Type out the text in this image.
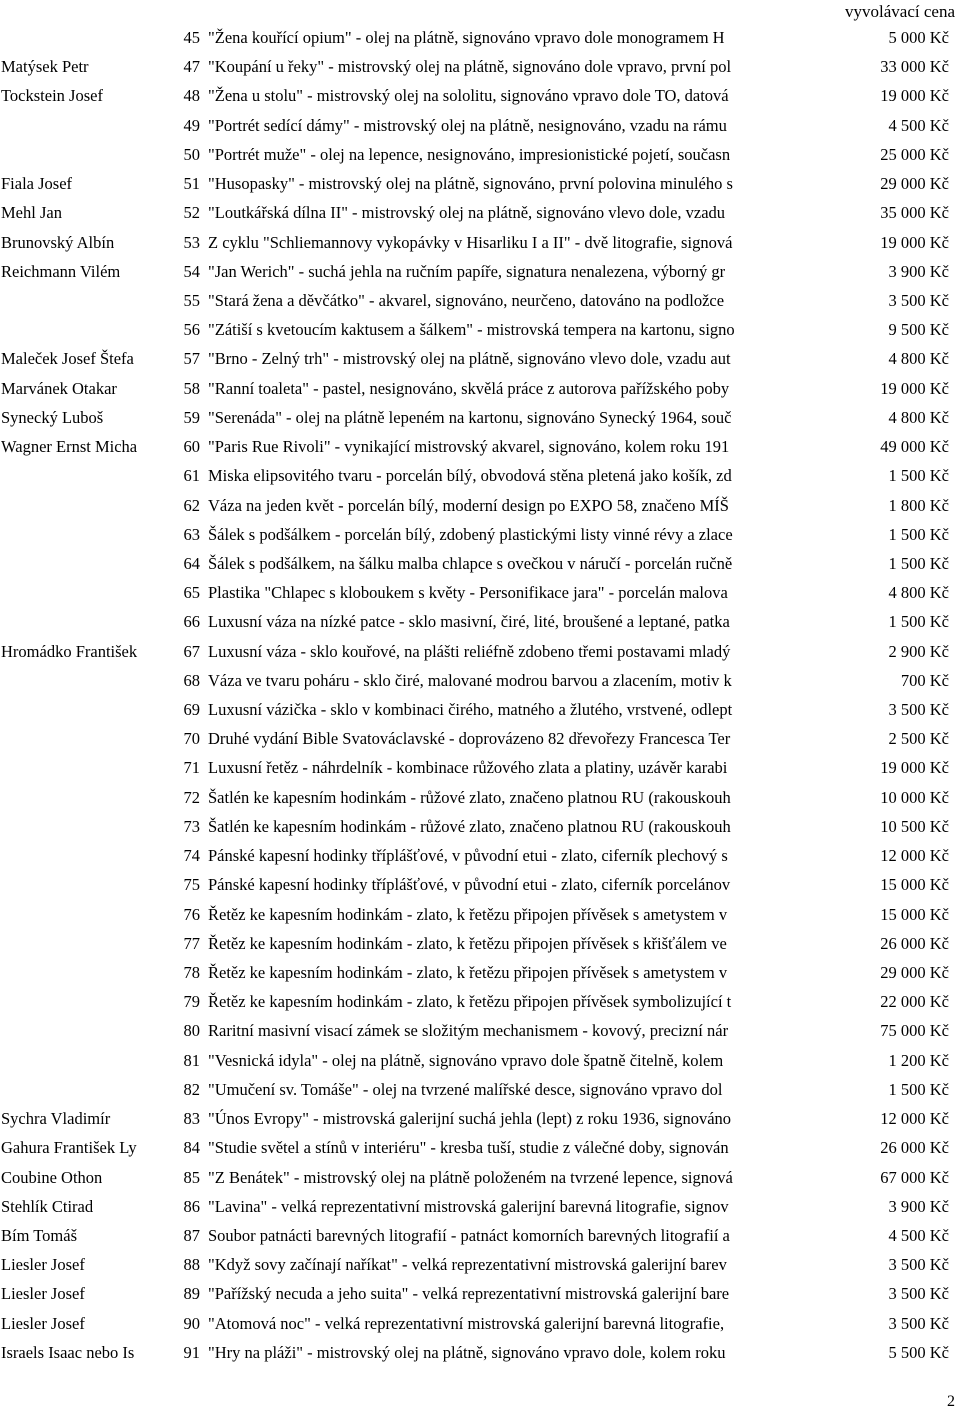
vyvolávací cena
45 "Žena kouřící opium" - olej na plátně, signováno vpravo dole monogramem H	5 000 Kč
Matýsek Petr	47 "Koupání u řeky" - mistrovský olej na plátně, signováno dole vpravo, první pol	33 000 Kč
Tockstein Josef	48 "Žena u stolu" - mistrovský olej na sololitu, signováno vpravo dole TO, datová	19 000 Kč
49 "Portrét sedící dámy" - mistrovský olej na plátně, nesignováno, vzadu na rámu	4 500 Kč
50 "Portrét muže" - olej na lepence, nesignováno, impresionistické pojetí, současn	25 000 Kč
Fiala Josef	51 "Husopasky" - mistrovský olej na plátně, signováno, první polovina minulého s	29 000 Kč
Mehl Jan	52 "Loutkářská dílna II" - mistrovský olej na plátně, signováno vlevo dole, vzadu	35 000 Kč
Brunovský Albín	53 Z cyklu "Schliemannovy vykopávky v Hisarliku I a II" - dvě litografie, signová	19 000 Kč
Reichmann Vilém	54 "Jan Werich" - suchá jehla na ručním papíře, signatura nenalezena, výborný gr	3 900 Kč
55 "Stará žena a děvčátko" - akvarel, signováno, neurčeno, datováno na podložce	3 500 Kč
56 "Zátiší s kvetoucím kaktusem a šálkem" - mistrovská tempera na kartonu, signo	9 500 Kč
Maleček Josef Štefa	57 "Brno - Zelný trh" - mistrovský olej na plátně, signováno vlevo dole, vzadu aut	4 800 Kč
Marvánek Otakar	58 "Ranní toaleta" - pastel, nesignováno, skvělá práce z autorova pařížského poby	19 000 Kč
Synecký Luboš	59 "Serenáda" - olej na plátně lepeném na kartonu, signováno Synecký 1964, souč	4 800 Kč
Wagner Ernst Micha	60 "Paris Rue Rivoli" - vynikající mistrovský akvarel, signováno, kolem roku 191	49 000 Kč
61 Miska elipsovitého tvaru - porcelán bílý, obvodová stěna pletená jako košík, zd	1 500 Kč
62 Váza na jeden květ - porcelán bílý, moderní design po EXPO 58, značeno MÍŠ	1 800 Kč
63 Šálek s podšálkem - porcelán bílý, zdobený plastickými listy vinné révy a zlace	1 500 Kč
64 Šálek s podšálkem, na šálku malba chlapce s ovečkou v náručí - porcelán ručně	1 500 Kč
65 Plastika "Chlapec s kloboukem s květy - Personifikace jara" - porcelán malova	4 800 Kč
66 Luxusní váza na nízké patce - sklo masivní, čiré, lité, broušené a leptané, patka	1 500 Kč
Hromádko František	67 Luxusní váza - sklo kouřové, na plášti reliéfně zdobeno třemi postavami mladý	2 900 Kč
68 Váza ve tvaru poháru - sklo čiré, malované modrou barvou a zlacením, motiv k	700 Kč
69 Luxusní vázička - sklo v kombinaci čirého, matného a žlutého, vrstvené, odlept	3 500 Kč
70 Druhé vydání Bible Svatováclavské - doprovázeno 82 dřevořezy Francesca Ter	2 500 Kč
71 Luxusní řetěz - náhrdelník - kombinace růžového zlata a platiny, uzávěr karabi	19 000 Kč
72 Šatlén ke kapesním hodinkám - růžové zlato, značeno platnou RU (rakouskouh	10 000 Kč
73 Šatlén ke kapesním hodinkám - růžové zlato, značeno platnou RU (rakouskouh	10 500 Kč
74 Pánské kapesní hodinky tříplášťové, v původní etui - zlato, ciferník plechový s	12 000 Kč
75 Pánské kapesní hodinky tříplášťové, v původní etui - zlato, ciferník porcelánov	15 000 Kč
76 Řetěz ke kapesním hodinkám - zlato, k řetězu připojen přívěsek s ametystem v	15 000 Kč
77 Řetěz ke kapesním hodinkám - zlato, k řetězu připojen přívěsek s křišťálem ve	26 000 Kč
78 Řetěz ke kapesním hodinkám - zlato, k řetězu připojen přívěsek s ametystem v	29 000 Kč
79 Řetěz ke kapesním hodinkám - zlato, k řetězu připojen přívěsek symbolizující t	22 000 Kč
80 Raritní masivní visací zámek se složitým mechanismem - kovový, precizní nár	75 000 Kč
81 "Vesnická idyla" - olej na plátně, signováno vpravo dole špatně čitelně, kolem	1 200 Kč
82 "Umučení sv. Tomáše" - olej na tvrzené malířské desce, signováno vpravo dol	1 500 Kč
Sychra Vladimír	83 "Únos Evropy" - mistrovská galerijní suchá jehla (lept) z roku 1936, signováno	12 000 Kč
Gahura František Ly	84 "Studie světel a stínů v interiéru" - kresba tuší, studie z válečné doby, signován	26 000 Kč
Coubine Othon	85 "Z Benátek" - mistrovský olej na plátně položeném na tvrzené lepence, signová	67 000 Kč
Stehlík Ctirad	86 "Lavina" - velká reprezentativní mistrovská galerijní barevná litografie, signov	3 900 Kč
Bím Tomáš	87 Soubor patnácti barevných litografií - patnáct komorních barevných litografií a	4 500 Kč
Liesler Josef	88 "Když sovy začínají naříkat" - velká reprezentativní mistrovská galerijní barev	3 500 Kč
Liesler Josef	89 "Pařížský necuda a jeho suita" - velká reprezentativní mistrovská galerijní bare	3 500 Kč
Liesler Josef	90 "Atomová noc" - velká reprezentativní mistrovská galerijní barevná litografie,	3 500 Kč
Israels Isaac nebo Is	91 "Hry na pláži" - mistrovský olej na plátně, signováno vpravo dole, kolem roku	5 500 Kč
2
